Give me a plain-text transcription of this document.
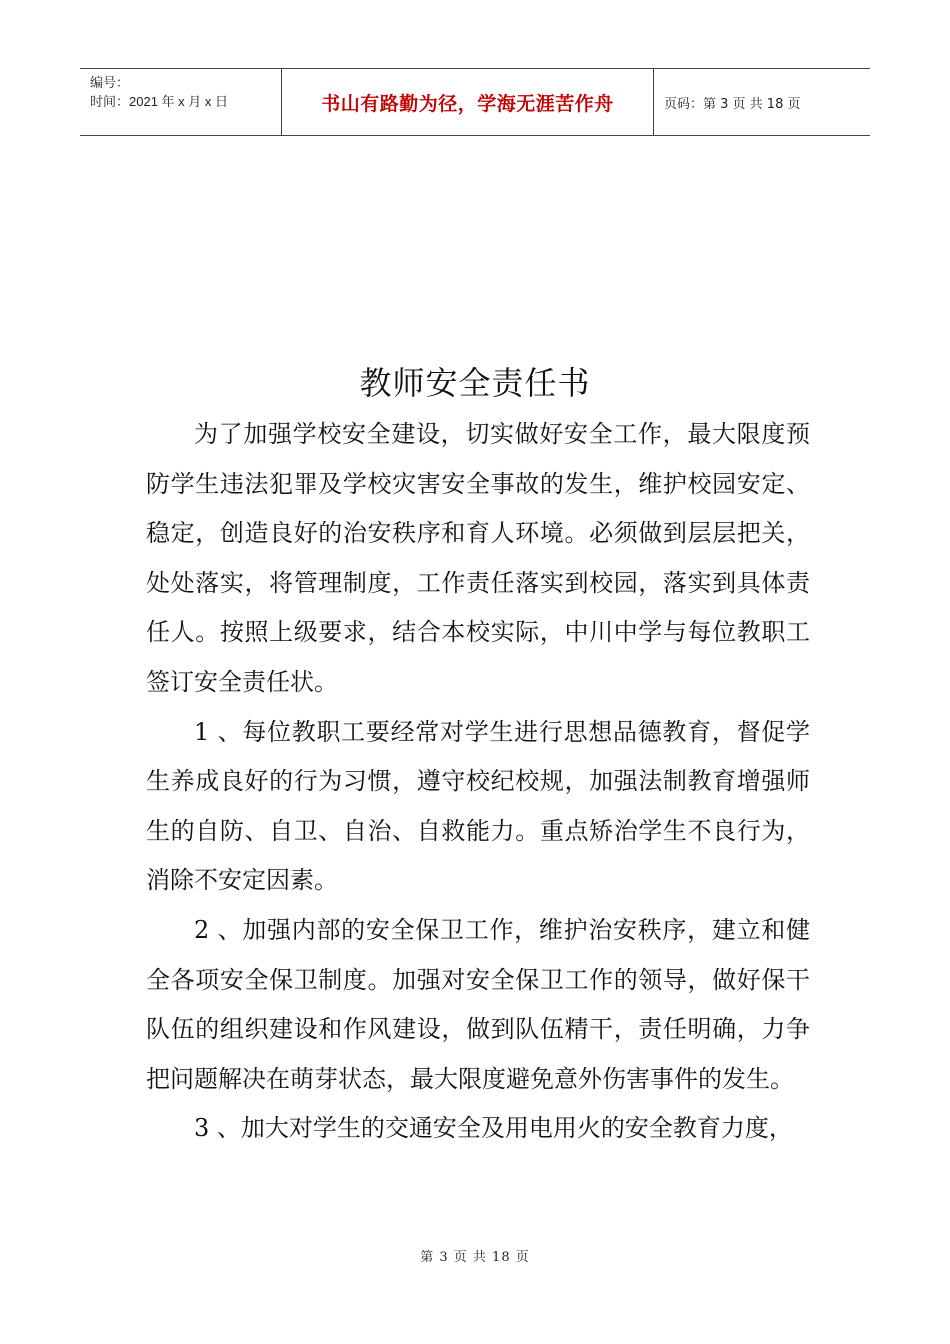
编号：
时间：2021 年 x 月 x 日	书山有路勤为径，学海无涯苦作舟	页码：第 3 页 共 18 页
教师安全责任书

为了加强学校安全建设，切实做好安全工作，最大限度预防学生违法犯罪及学校灾害安全事故的发生，维护校园安定、稳定，创造良好的治安秩序和育人环境。必须做到层层把关，处处落实，将管理制度，工作责任落实到校园，落实到具体责任人。按照上级要求，结合本校实际，中川中学与每位教职工签订安全责任状。

1 、每位教职工要经常对学生进行思想品德教育，督促学生养成良好的行为习惯，遵守校纪校规，加强法制教育增强师生的自防、自卫、自治、自救能力。重点矫治学生不良行为，消除不安定因素。

2 、加强内部的安全保卫工作，维护治安秩序，建立和健全各项安全保卫制度。加强对安全保卫工作的领导，做好保干队伍的组织建设和作风建设，做到队伍精干，责任明确，力争把问题解决在萌芽状态，最大限度避免意外伤害事件的发生。

3 、加大对学生的交通安全及用电用火的安全教育力度，

第 3 页 共 18 页
